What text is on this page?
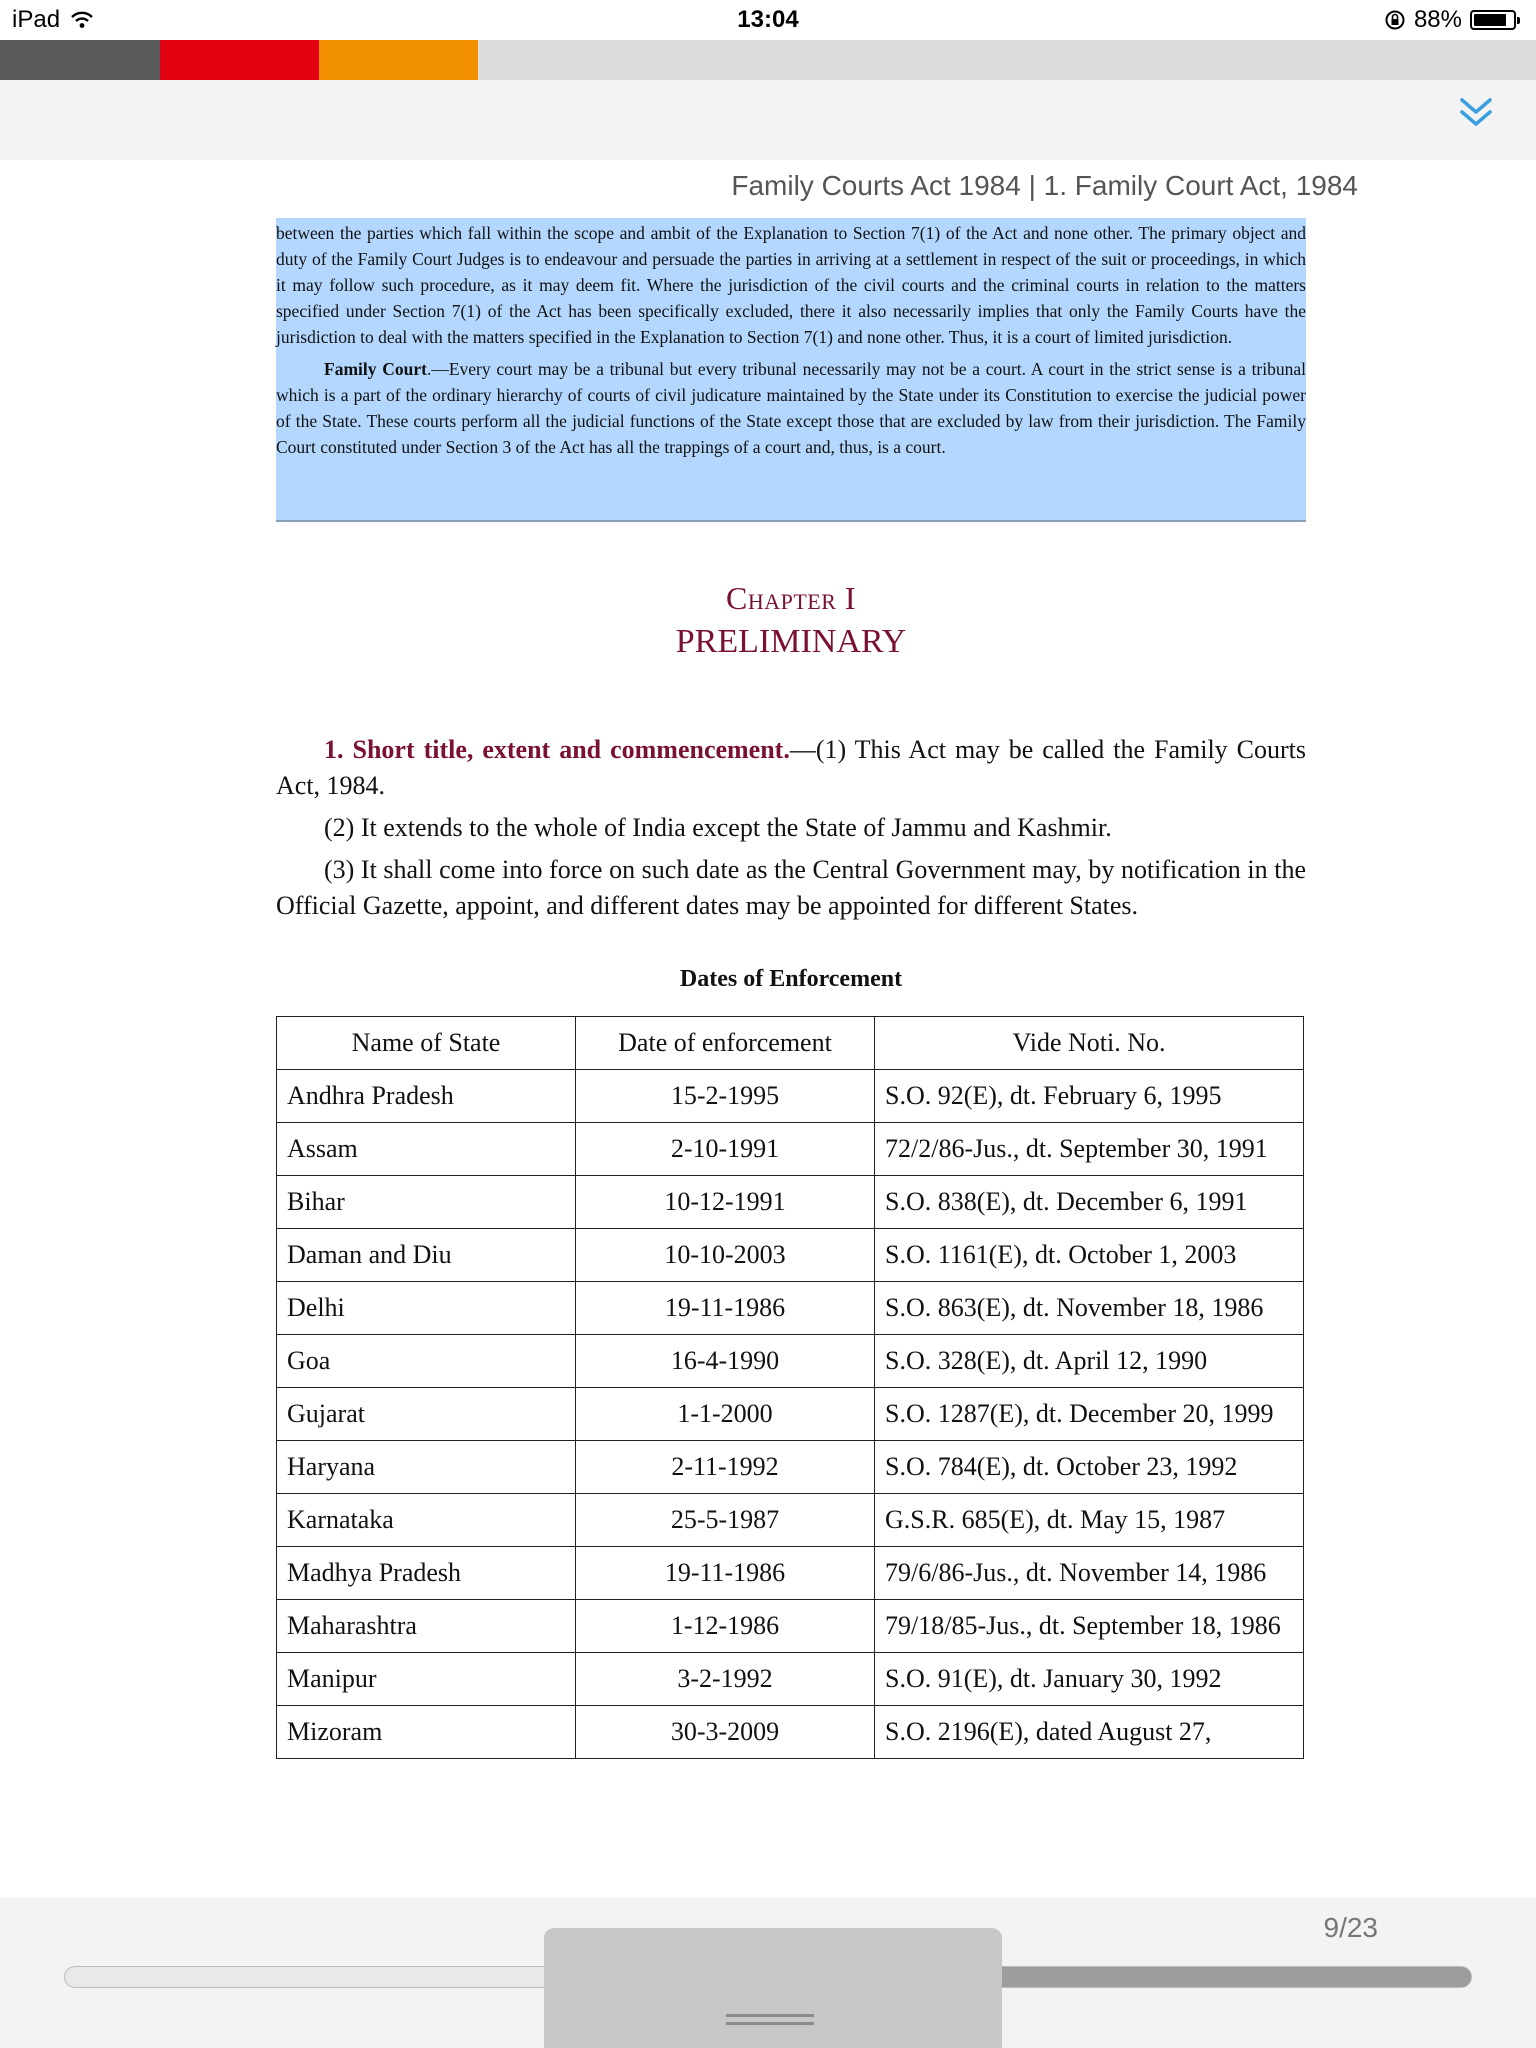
iPad	13:04	88%
Family Courts Act 1984 | 1. Family Court Act, 1984

between the parties which fall within the scope and ambit of the Explanation to Section 7(1) of the Act and none other. The primary object and duty of the Family Court Judges is to endeavour and persuade the parties in arriving at a settlement in respect of the suit or proceedings, in which it may follow such procedure, as it may deem fit. Where the jurisdiction of the civil courts and the criminal courts in relation to the matters specified under Section 7(1) of the Act has been specifically excluded, there it also necessarily implies that only the Family Courts have the jurisdiction to deal with the matters specified in the Explanation to Section 7(1) and none other. Thus, it is a court of limited jurisdiction.

Family Court.—Every court may be a tribunal but every tribunal necessarily may not be a court. A court in the strict sense is a tribunal which is a part of the ordinary hierarchy of courts of civil judicature maintained by the State under its Constitution to exercise the judicial power of the State. These courts perform all the judicial functions of the State except those that are excluded by law from their jurisdiction. The Family Court constituted under Section 3 of the Act has all the trappings of a court and, thus, is a court.

Chapter I
PRELIMINARY

1. Short title, extent and commencement.—(1) This Act may be called the Family Courts Act, 1984.

(2) It extends to the whole of India except the State of Jammu and Kashmir.

(3) It shall come into force on such date as the Central Government may, by notification in the Official Gazette, appoint, and different dates may be appointed for different States.

Dates of Enforcement
Name of State	Date of enforcement	Vide Noti. No.
Andhra Pradesh	15-2-1995	S.O. 92(E), dt. February 6, 1995
Assam	2-10-1991	72/2/86-Jus., dt. September 30, 1991
Bihar	10-12-1991	S.O. 838(E), dt. December 6, 1991
Daman and Diu	10-10-2003	S.O. 1161(E), dt. October 1, 2003
Delhi	19-11-1986	S.O. 863(E), dt. November 18, 1986
Goa	16-4-1990	S.O. 328(E), dt. April 12, 1990
Gujarat	1-1-2000	S.O. 1287(E), dt. December 20, 1999
Haryana	2-11-1992	S.O. 784(E), dt. October 23, 1992
Karnataka	25-5-1987	G.S.R. 685(E), dt. May 15, 1987
Madhya Pradesh	19-11-1986	79/6/86-Jus., dt. November 14, 1986
Maharashtra	1-12-1986	79/18/85-Jus., dt. September 18, 1986
Manipur	3-2-1992	S.O. 91(E), dt. January 30, 1992
Mizoram	30-3-2009	S.O. 2196(E), dated August 27,
9/23
